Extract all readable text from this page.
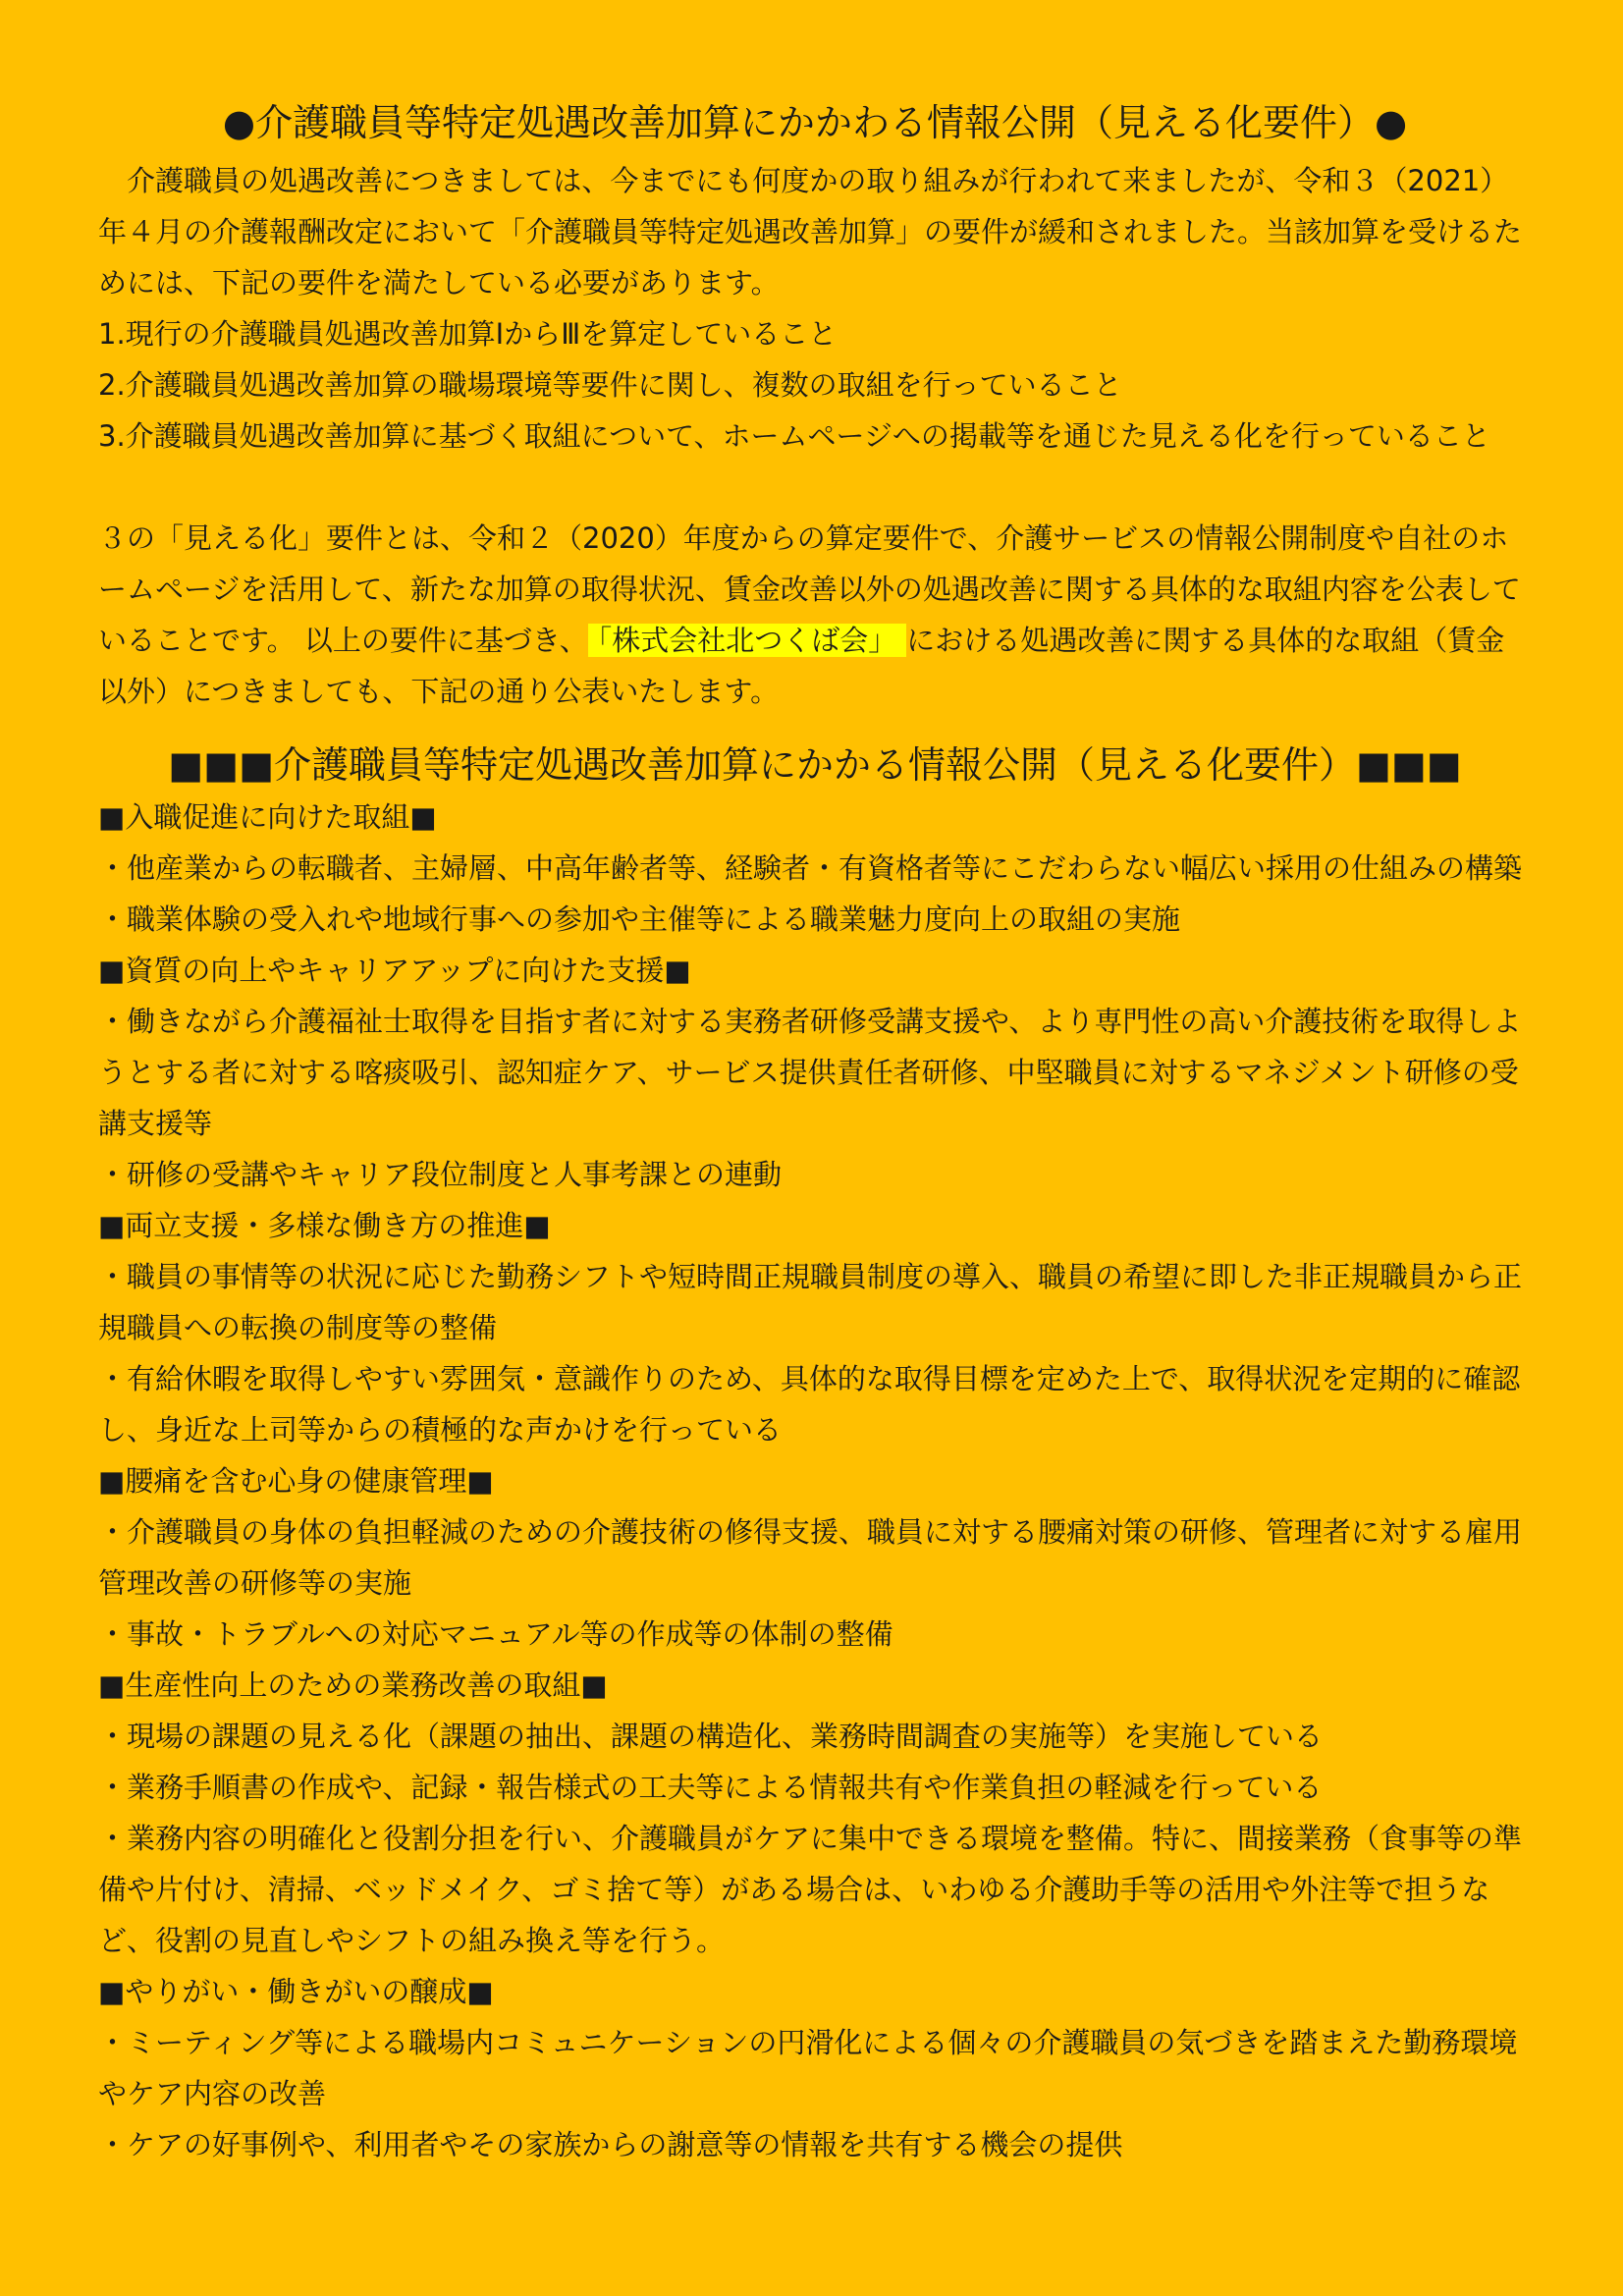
●介護職員等特定処遇改善加算にかかわる情報公開（見える化要件）●

介護職員の処遇改善につきましては、今までにも何度かの取り組みが行われて来ましたが、令和３（2021）年４月の介護報酬改定において「介護職員等特定処遇改善加算」の要件が緩和されました。当該加算を受けるためには、下記の要件を満たしている必要があります。

1.現行の介護職員処遇改善加算ⅠからⅢを算定していること

2.介護職員処遇改善加算の職場環境等要件に関し、複数の取組を行っていること

3.介護職員処遇改善加算に基づく取組について、ホームページへの掲載等を通じた見える化を行っていること

３の「見える化」要件とは、令和２（2020）年度からの算定要件で、介護サービスの情報公開制度や自社のホームページを活用して、新たな加算の取得状況、賃金改善以外の処遇改善に関する具体的な取組内容を公表していることです。 以上の要件に基づき、 「株式会社北つくば会」 における処遇改善に関する具体的な取組（賃金以外）につきましても、下記の通り公表いたします。

■■■介護職員等特定処遇改善加算にかかる情報公開（見える化要件）■■■

■入職促進に向けた取組■

・他産業からの転職者、主婦層、中高年齢者等、経験者・有資格者等にこだわらない幅広い採用の仕組みの構築

・職業体験の受入れや地域行事への参加や主催等による職業魅力度向上の取組の実施

■資質の向上やキャリアアップに向けた支援■

・働きながら介護福祉士取得を目指す者に対する実務者研修受講支援や、より専門性の高い介護技術を取得しようとする者に対する喀痰吸引、認知症ケア、サービス提供責任者研修、中堅職員に対するマネジメント研修の受講支援等

・研修の受講やキャリア段位制度と人事考課との連動

■両立支援・多様な働き方の推進■

・職員の事情等の状況に応じた勤務シフトや短時間正規職員制度の導入、職員の希望に即した非正規職員から正規職員への転換の制度等の整備

・有給休暇を取得しやすい雰囲気・意識作りのため、具体的な取得目標を定めた上で、取得状況を定期的に確認し、身近な上司等からの積極的な声かけを行っている

■腰痛を含む心身の健康管理■

・介護職員の身体の負担軽減のための介護技術の修得支援、職員に対する腰痛対策の研修、管理者に対する雇用管理改善の研修等の実施

・事故・トラブルへの対応マニュアル等の作成等の体制の整備

■生産性向上のための業務改善の取組■

・現場の課題の見える化（課題の抽出、課題の構造化、業務時間調査の実施等）を実施している

・業務手順書の作成や、記録・報告様式の工夫等による情報共有や作業負担の軽減を行っている

・業務内容の明確化と役割分担を行い、介護職員がケアに集中できる環境を整備。特に、間接業務（食事等の準備や片付け、清掃、ベッドメイク、ゴミ捨て等）がある場合は、いわゆる介護助手等の活用や外注等で担うなど、役割の見直しやシフトの組み換え等を行う。

■やりがい・働きがいの醸成■

・ミーティング等による職場内コミュニケーションの円滑化による個々の介護職員の気づきを踏まえた勤務環境やケア内容の改善

・ケアの好事例や、利用者やその家族からの謝意等の情報を共有する機会の提供
